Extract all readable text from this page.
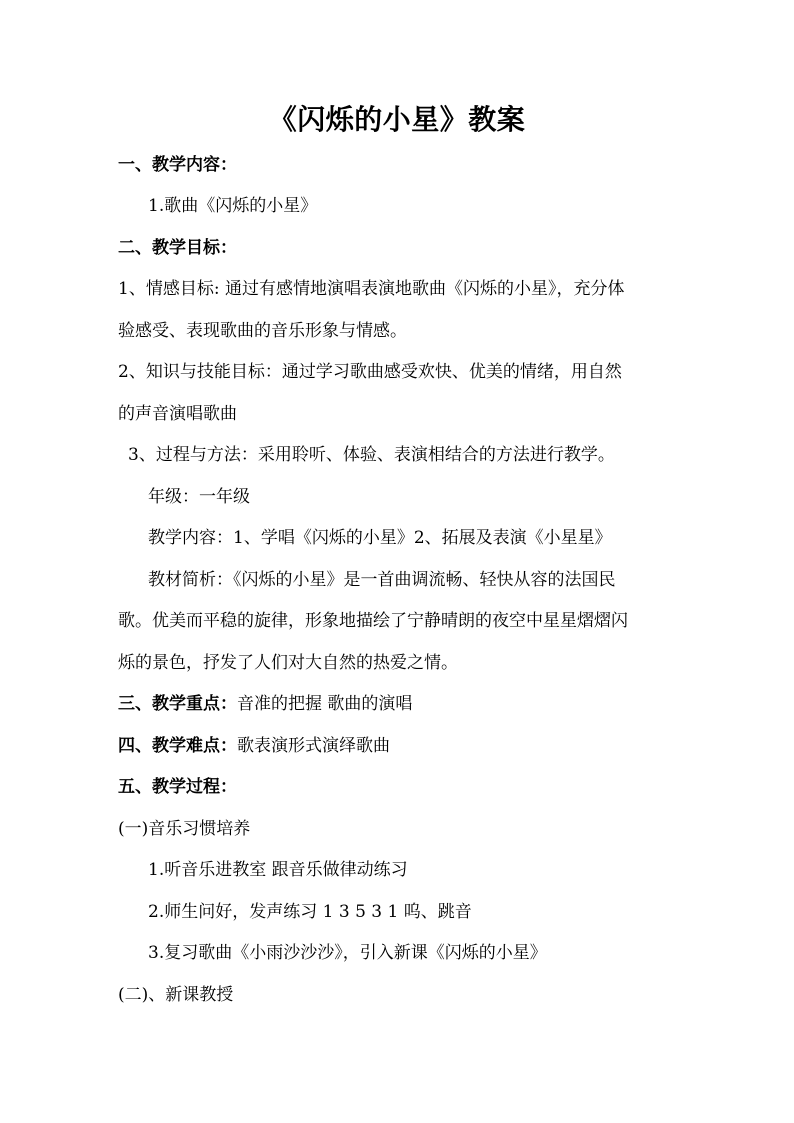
《闪烁的小星》教案
一、教学内容：
1.歌曲《闪烁的小星》
二、教学目标：
1、情感目标: 通过有感情地演唱表演地歌曲《闪烁的小星》，充分体
验感受、表现歌曲的音乐形象与情感。
2、知识与技能目标：通过学习歌曲感受欢快、优美的情绪，用自然
的声音演唱歌曲
3、过程与方法：采用聆听、体验、表演相结合的方法进行教学。
年级：一年级
教学内容：1、学唱《闪烁的小星》2、拓展及表演《小星星》
教材简析：《闪烁的小星》是一首曲调流畅、轻快从容的法国民
歌。优美而平稳的旋律，形象地描绘了宁静晴朗的夜空中星星熠熠闪
烁的景色，抒发了人们对大自然的热爱之情。
三、教学重点：音准的把握 歌曲的演唱
四、教学难点：歌表演形式演绎歌曲
五、教学过程：
(一)音乐习惯培养
1.听音乐进教室 跟音乐做律动练习
2.师生问好，发声练习 1 3 5 3 1 呜、跳音
3.复习歌曲《小雨沙沙沙》，引入新课《闪烁的小星》
(二)、新课教授
